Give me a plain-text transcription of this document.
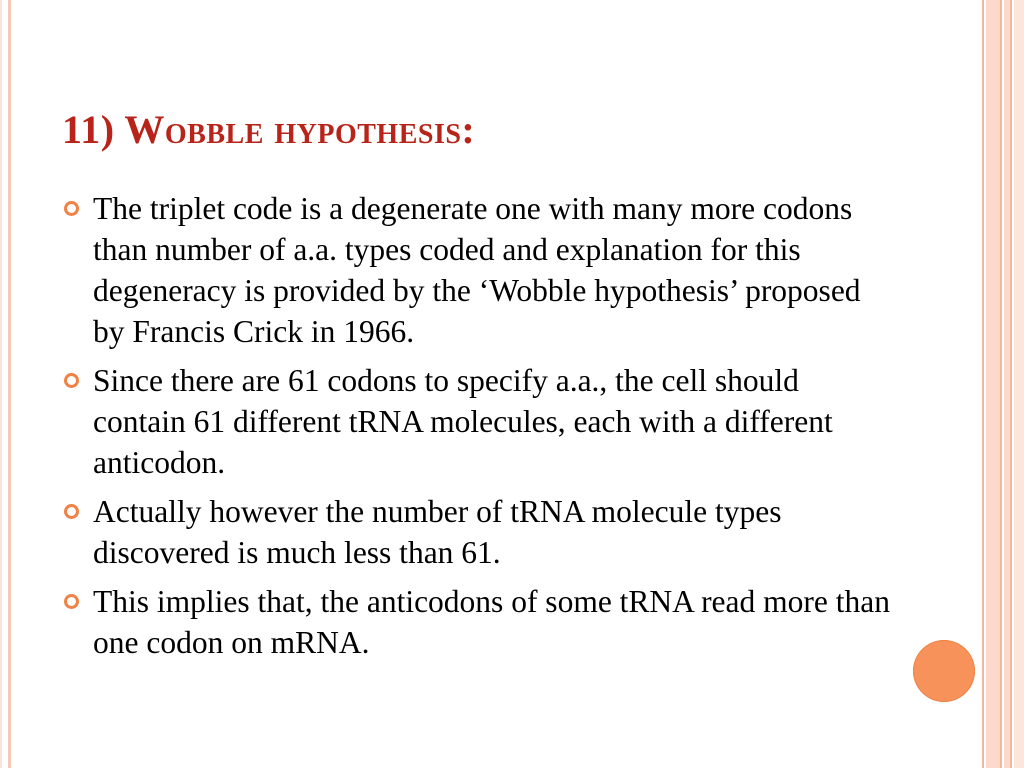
11) Wobble hypothesis:
The triplet code is a degenerate one with many more codons than number of a.a. types coded and explanation for this degeneracy is provided by the ‘Wobble hypothesis’ proposed by Francis Crick in 1966.
Since there are 61 codons to specify a.a., the cell should contain 61 different tRNA molecules, each with a different anticodon.
Actually however the number of tRNA molecule types discovered is much less than 61.
This implies that, the anticodons of some tRNA read more than one codon on mRNA.
